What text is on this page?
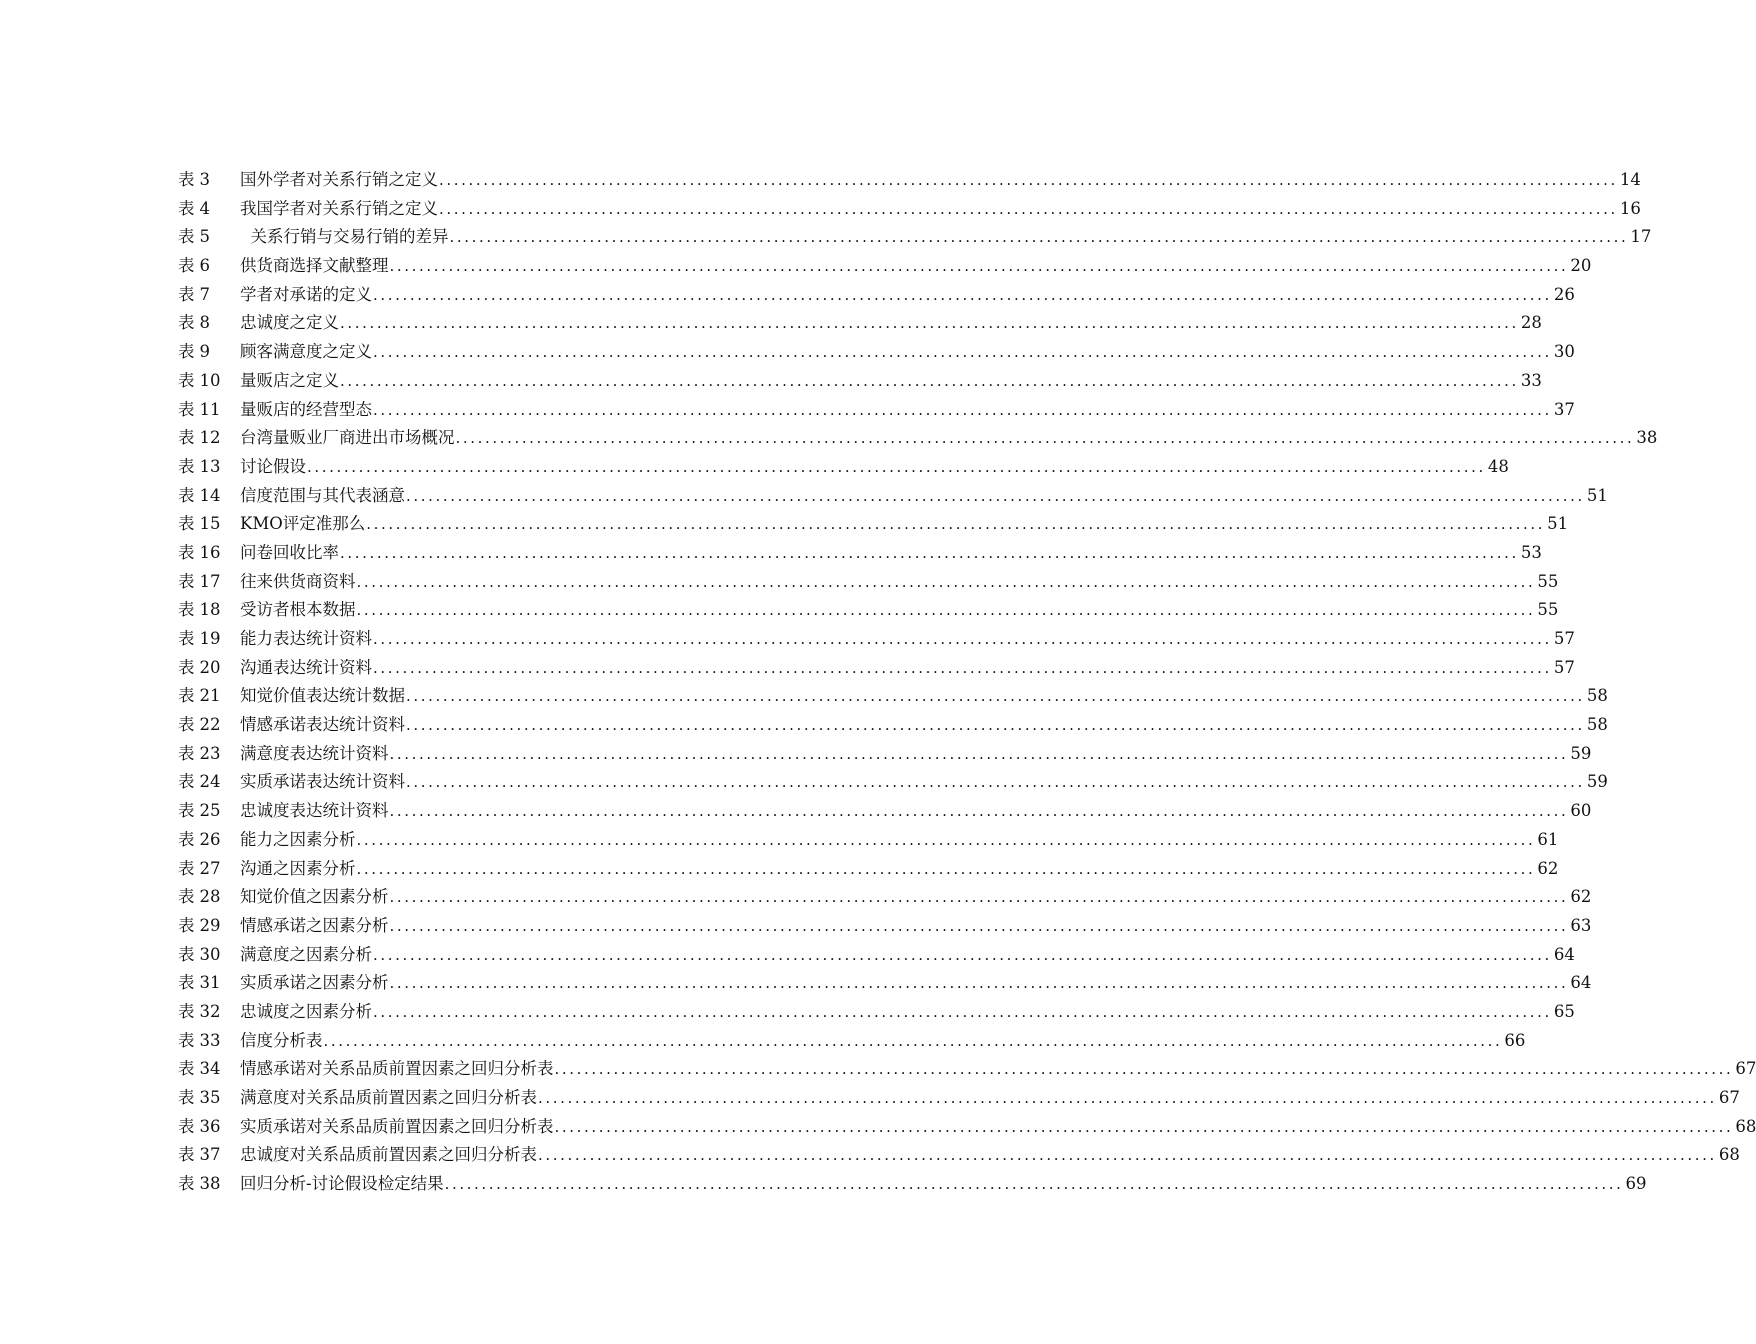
表 3 国外学者对关系行销之定义 ................................................................................................................................................................ 14
表 4 我国学者对关系行销之定义 ................................................................................................................................................................ 16
表 5 关系行销与交易行销的差异 ................................................................................................................................................................ 17
表 6 供货商选择文献整理 ................................................................................................................................................................ 20
表 7 学者对承诺的定义 ................................................................................................................................................................ 26
表 8 忠诚度之定义 ................................................................................................................................................................ 28
表 9 顾客满意度之定义 ................................................................................................................................................................ 30
表 10 量贩店之定义 ................................................................................................................................................................ 33
表 11 量贩店的经营型态 ................................................................................................................................................................ 37
表 12 台湾量贩业厂商进出市场概况 ................................................................................................................................................................ 38
表 13 讨论假设 ................................................................................................................................................................ 48
表 14 信度范围与其代表涵意 ................................................................................................................................................................ 51
表 15 KMO评定准那么 ................................................................................................................................................................ 51
表 16 问卷回收比率 ................................................................................................................................................................ 53
表 17 往来供货商资料 ................................................................................................................................................................ 55
表 18 受访者根本数据 ................................................................................................................................................................ 55
表 19 能力表达统计资料 ................................................................................................................................................................ 57
表 20 沟通表达统计资料 ................................................................................................................................................................ 57
表 21 知觉价值表达统计数据 ................................................................................................................................................................ 58
表 22 情感承诺表达统计资料 ................................................................................................................................................................ 58
表 23 满意度表达统计资料 ................................................................................................................................................................ 59
表 24 实质承诺表达统计资料 ................................................................................................................................................................ 59
表 25 忠诚度表达统计资料 ................................................................................................................................................................ 60
表 26 能力之因素分析 ................................................................................................................................................................ 61
表 27 沟通之因素分析 ................................................................................................................................................................ 62
表 28 知觉价值之因素分析 ................................................................................................................................................................ 62
表 29 情感承诺之因素分析 ................................................................................................................................................................ 63
表 30 满意度之因素分析 ................................................................................................................................................................ 64
表 31 实质承诺之因素分析 ................................................................................................................................................................ 64
表 32 忠诚度之因素分析 ................................................................................................................................................................ 65
表 33 信度分析表 ................................................................................................................................................................ 66
表 34 情感承诺对关系品质前置因素之回归分析表 ................................................................................................................................................................ 67
表 35 满意度对关系品质前置因素之回归分析表 ................................................................................................................................................................ 67
表 36 实质承诺对关系品质前置因素之回归分析表 ................................................................................................................................................................ 68
表 37 忠诚度对关系品质前置因素之回归分析表 ................................................................................................................................................................ 68
表 38 回归分析-讨论假设检定结果 ................................................................................................................................................................ 69
